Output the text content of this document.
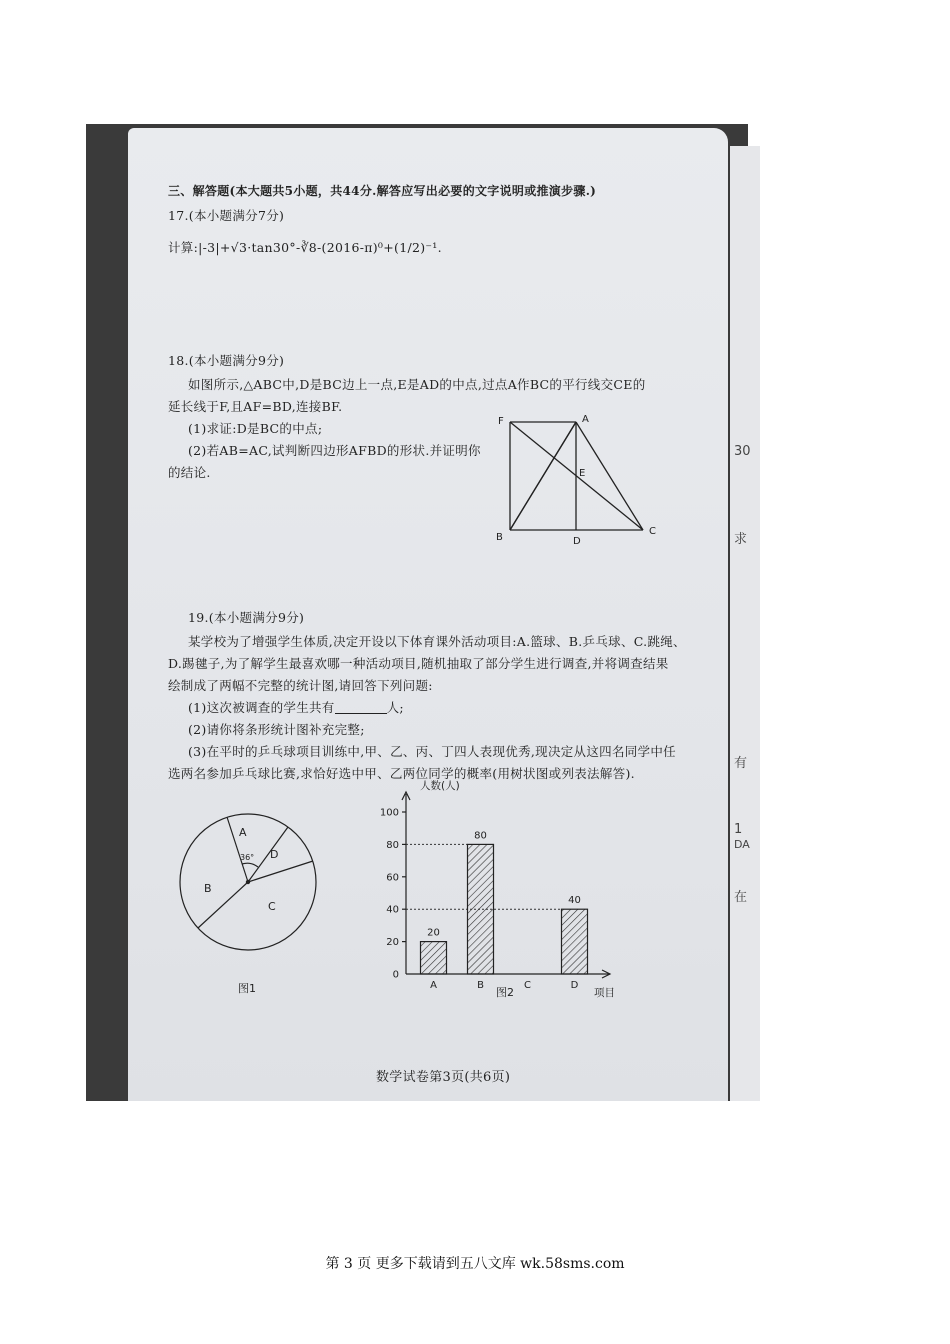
30
求
有
1
DA
在
三、解答题(本大题共5小题，共44分.解答应写出必要的文字说明或推演步骤.)
17.(本小题满分7分)
计算:|-3|+√3·tan30°-∛8-(2016-π)⁰+(1/2)⁻¹.
18.(本小题满分9分)
如图所示,△ABC中,D是BC边上一点,E是AD的中点,过点A作BC的平行线交CE的
延长线于F,且AF=BD,连接BF.
(1)求证:D是BC的中点;
(2)若AB=AC,试判断四边形AFBD的形状.并证明你
的结论.
F	A
E
B	D
C
19.(本小题满分9分)
某学校为了增强学生体质,决定开设以下体育课外活动项目:A.篮球、B.乒乓球、C.跳绳、
D.踢毽子,为了解学生最喜欢哪一种活动项目,随机抽取了部分学生进行调查,并将调查结果
绘制成了两幅不完整的统计图,请回答下列问题:
(1)这次被调查的学生共有	人;
(2)请你将条形统计图补充完整;
(3)在平时的乒乓球项目训练中,甲、乙、丙、丁四人表现优秀,现决定从这四名同学中任
选两名参加乒乓球比赛,求恰好选中甲、乙两位同学的概率(用树状图或列表法解答).
A
B
C
D
36°
图1
0
20
40
60
80
100
20
A
80
B	C
40
D
人数(人)
项目
图2
数学试卷第3页(共6页)
第 3 页 更多下载请到五八文库 wk.58sms.com
